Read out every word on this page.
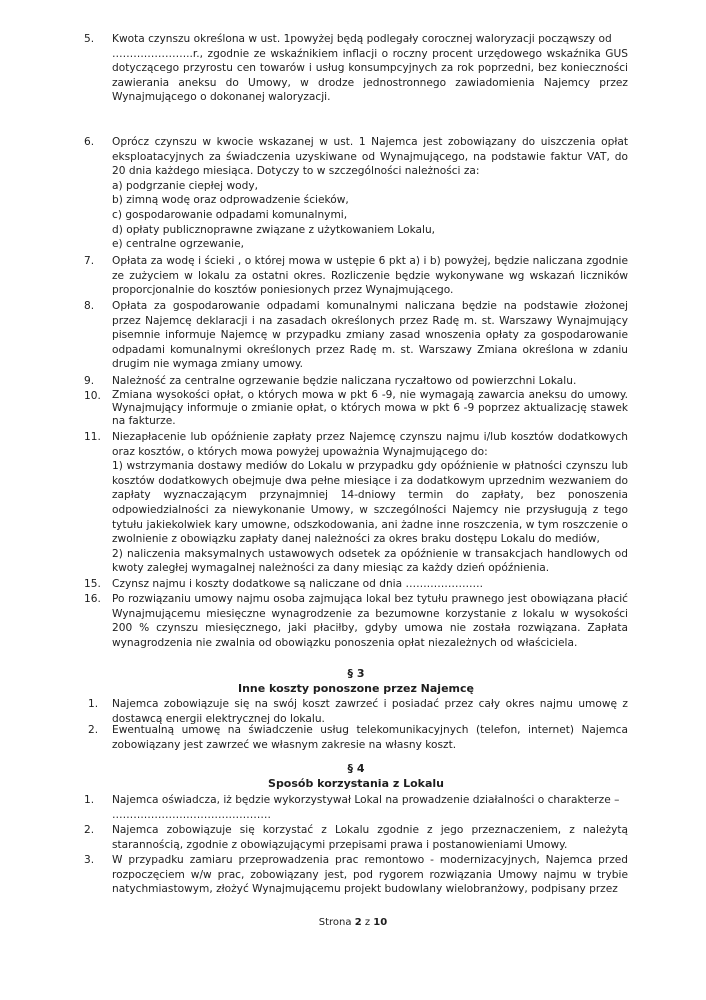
5.	Kwota czynszu określona w ust. 1powyżej będą podlegały corocznej waloryzacji począwszy od
…………………..r., zgodnie ze wskaźnikiem inflacji o roczny procent urzędowego wskaźnika GUS dotyczącego przyrostu cen towarów i usług konsumpcyjnych za rok poprzedni, bez konieczności zawierania aneksu do Umowy, w drodze jednostronnego zawiadomienia Najemcy przez Wynajmującego o dokonanej waloryzacji.
6.	Oprócz czynszu w kwocie wskazanej w ust. 1 Najemca jest zobowiązany do uiszczenia opłat eksploatacyjnych za świadczenia uzyskiwane od Wynajmującego, na podstawie faktur VAT, do 20 dnia każdego miesiąca. Dotyczy to w szczególności należności za:
a) podgrzanie ciepłej wody,
b) zimną wodę oraz odprowadzenie ścieków,
c) gospodarowanie odpadami komunalnymi,
d) opłaty publicznoprawne związane z użytkowaniem Lokalu,
e) centralne ogrzewanie,
7.	Opłata za wodę i ścieki , o której mowa w ustępie 6 pkt a) i b) powyżej, będzie naliczana zgodnie ze zużyciem w lokalu za ostatni okres. Rozliczenie będzie wykonywane wg wskazań liczników proporcjonalnie do kosztów poniesionych przez Wynajmującego.
8.	Opłata za gospodarowanie odpadami komunalnymi naliczana będzie na podstawie złożonej przez Najemcę deklaracji i na zasadach określonych przez Radę m. st. Warszawy Wynajmujący pisemnie informuje Najemcę w przypadku zmiany zasad wnoszenia opłaty za gospodarowanie odpadami komunalnymi określonych przez Radę m. st. Warszawy Zmiana określona w zdaniu drugim nie wymaga zmiany umowy.
9.	Należność za centralne ogrzewanie będzie naliczana ryczałtowo od powierzchni Lokalu.
10.	Zmiana wysokości opłat, o których mowa w pkt 6 -9, nie wymagają zawarcia aneksu do umowy. Wynajmujący informuje o zmianie opłat, o których mowa w pkt 6 -9 poprzez aktualizację stawek na fakturze.
11.	Niezapłacenie lub opóźnienie zapłaty przez Najemcę czynszu najmu i/lub kosztów dodatkowych oraz kosztów, o których mowa powyżej upoważnia Wynajmującego do:
1) wstrzymania dostawy mediów do Lokalu w przypadku gdy opóźnienie w płatności czynszu lub kosztów dodatkowych obejmuje dwa pełne miesiące i za dodatkowym uprzednim wezwaniem do zapłaty wyznaczającym przynajmniej 14-dniowy termin do zapłaty, bez ponoszenia odpowiedzialności za niewykonanie Umowy, w szczególności Najemcy nie przysługują z tego tytułu jakiekolwiek kary umowne, odszkodowania, ani żadne inne roszczenia, w tym roszczenie o zwolnienie z obowiązku zapłaty danej należności za okres braku dostępu Lokalu do mediów,
2) naliczenia maksymalnych ustawowych odsetek za opóźnienie w transakcjach handlowych od kwoty zaległej wymagalnej należności za dany miesiąc za każdy dzień opóźnienia.
15.	Czynsz najmu i koszty dodatkowe są naliczane od dnia ………………….
16.	Po rozwiązaniu umowy najmu osoba zajmująca lokal bez tytułu prawnego jest obowiązana płacić Wynajmującemu miesięczne wynagrodzenie za bezumowne korzystanie z lokalu w wysokości 200 % czynszu miesięcznego, jaki płaciłby, gdyby umowa nie została rozwiązana. Zapłata wynagrodzenia nie zwalnia od obowiązku ponoszenia opłat niezależnych od właściciela.
§ 3
Inne koszty ponoszone przez Najemcę
1.	Najemca zobowiązuje się na swój koszt zawrzeć i posiadać przez cały okres najmu umowę z dostawcą energii elektrycznej do lokalu.
2.	Ewentualną umowę na świadczenie usług telekomunikacyjnych (telefon, internet) Najemca zobowiązany jest zawrzeć we własnym zakresie na własny koszt.
§ 4
Sposób korzystania z Lokalu
1.	Najemca oświadcza, iż będzie wykorzystywał Lokal na prowadzenie działalności o charakterze –
………………………………………
2.	Najemca zobowiązuje się korzystać z Lokalu zgodnie z jego przeznaczeniem, z należytą starannością, zgodnie z obowiązującymi przepisami prawa i postanowieniami Umowy.
3.	W przypadku zamiaru przeprowadzenia prac remontowo - modernizacyjnych, Najemca przed rozpoczęciem w/w prac, zobowiązany jest, pod rygorem rozwiązania Umowy najmu w trybie natychmiastowym, złożyć Wynajmującemu projekt budowlany wielobranżowy, podpisany przez
Strona 2 z 10
